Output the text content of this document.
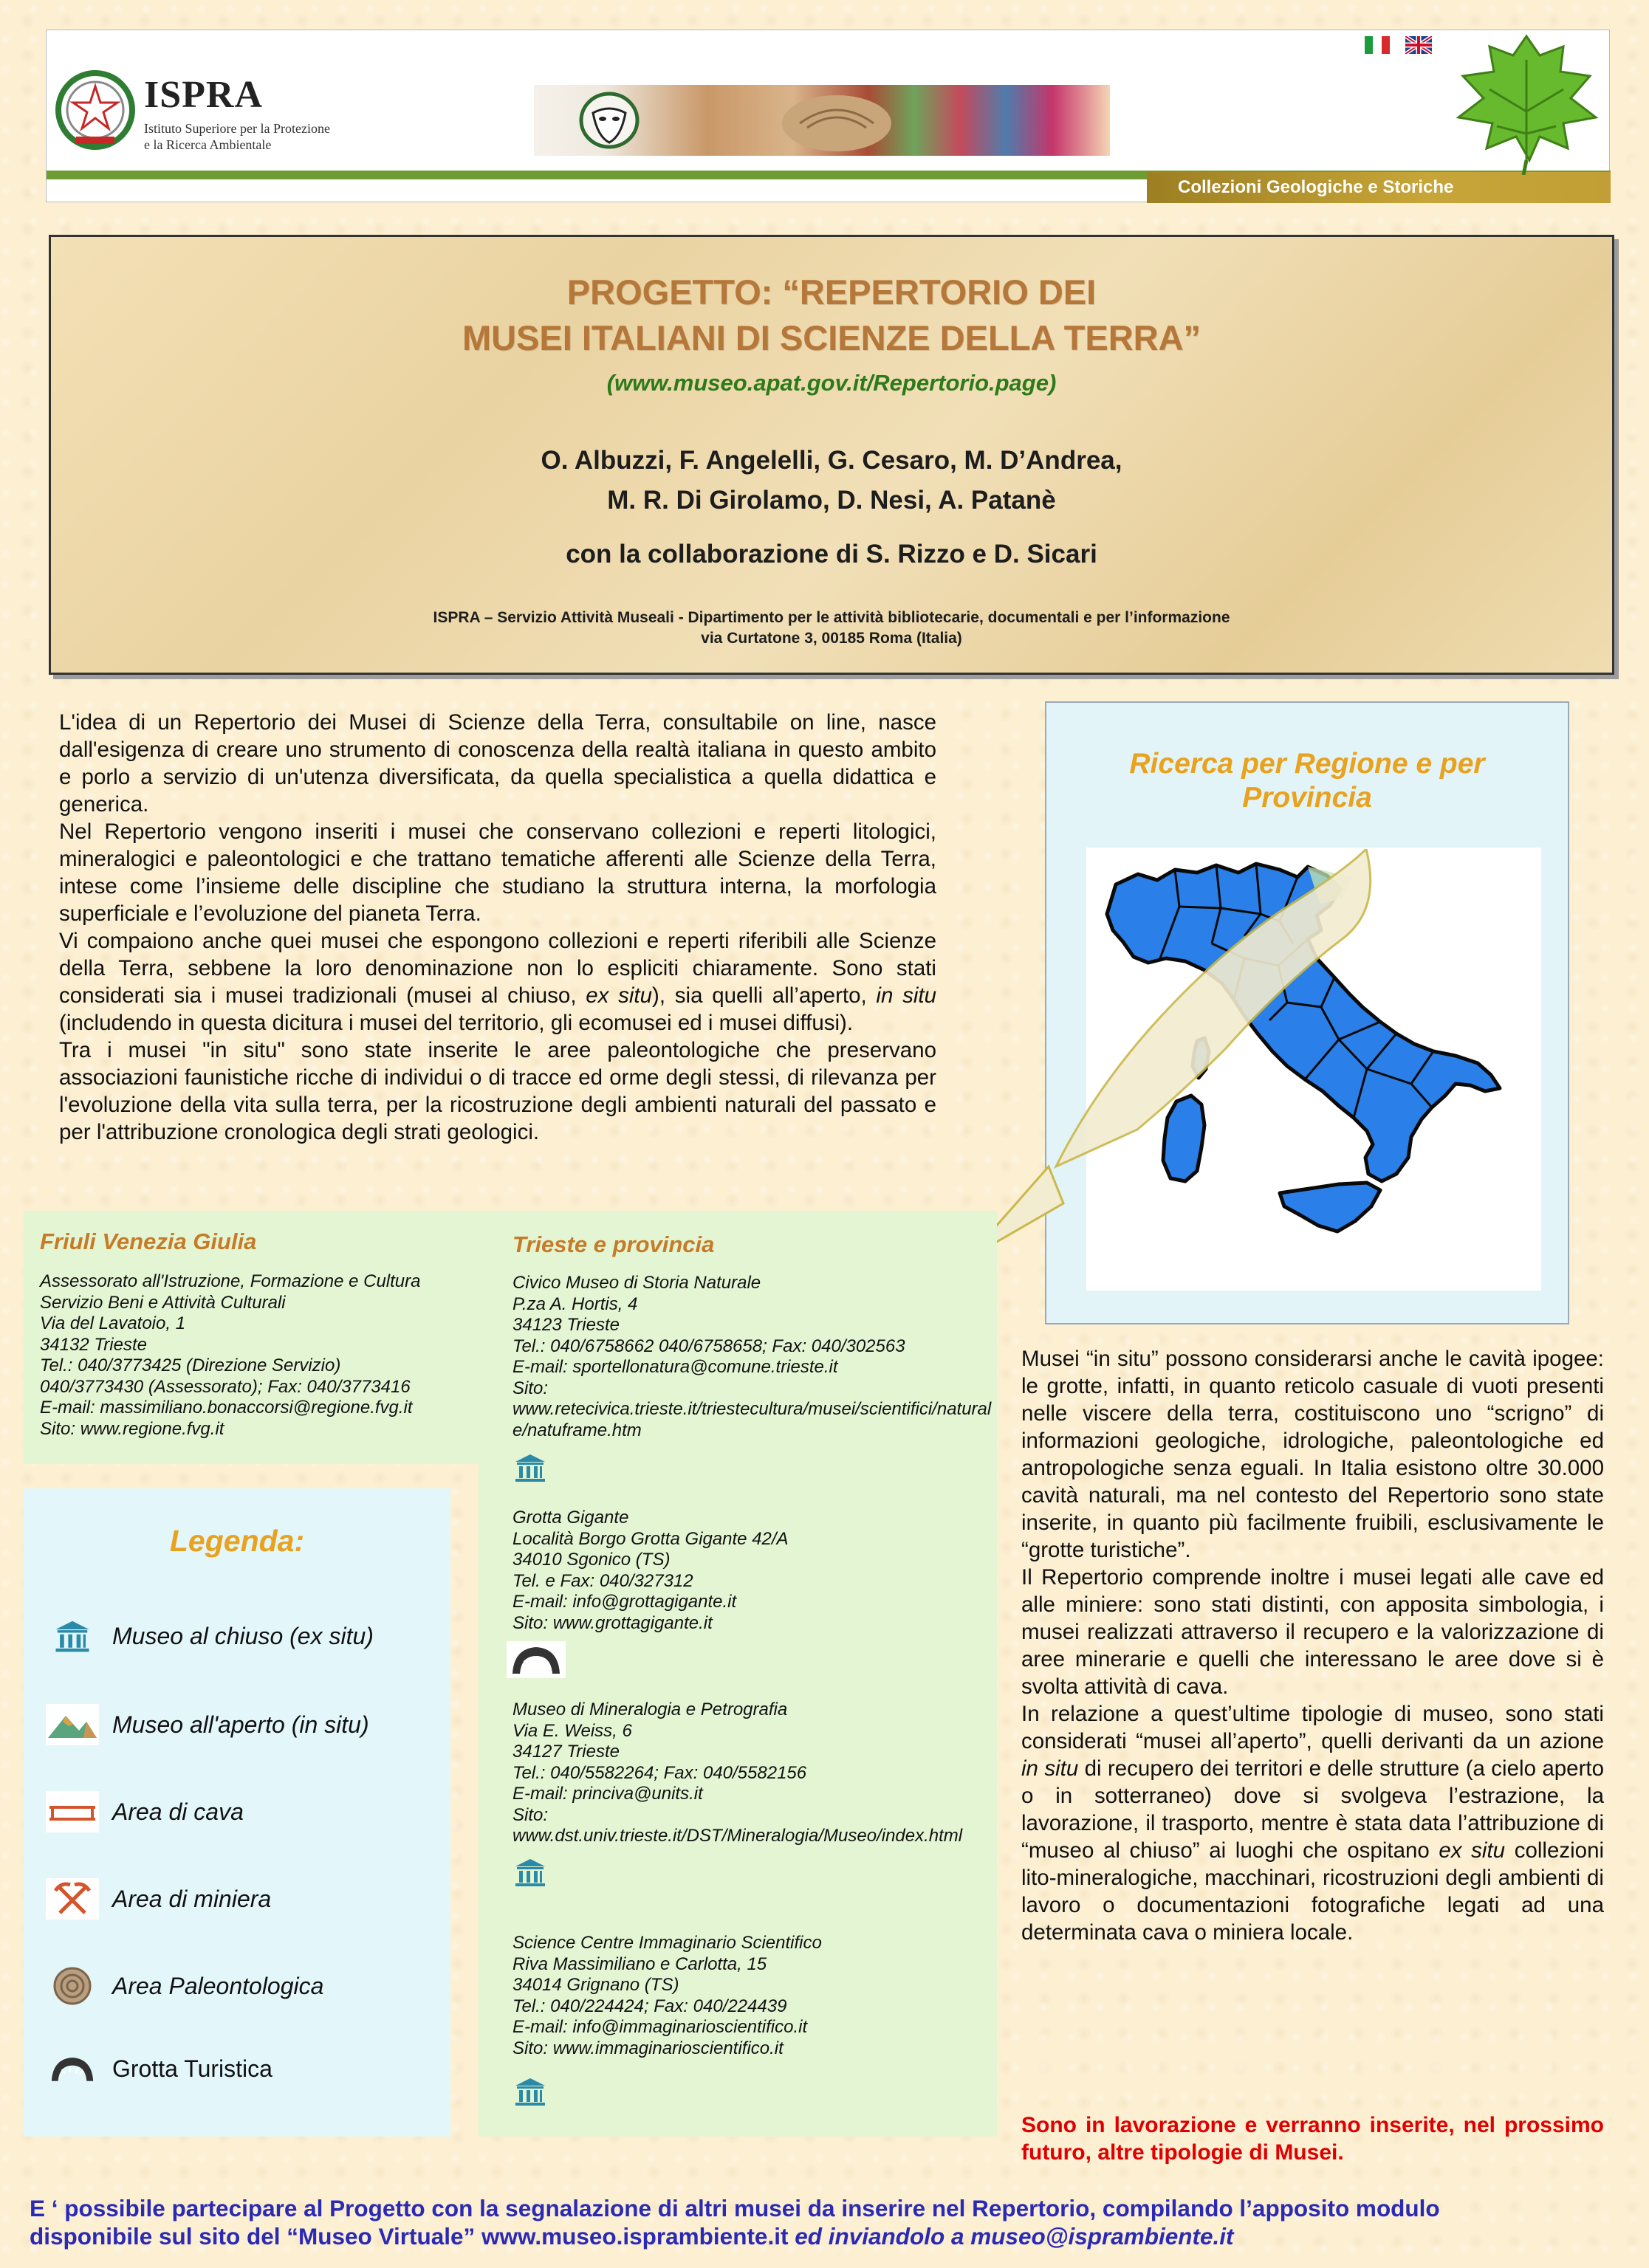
ISPRA
Istituto Superiore per la Protezione
e la Ricerca Ambientale
Collezioni Geologiche e Storiche
PROGETTO: “REPERTORIO DEI
MUSEI ITALIANI DI SCIENZE DELLA TERRA”
(www.museo.apat.gov.it/Repertorio.page)
O. Albuzzi, F. Angelelli, G. Cesaro, M. D’Andrea,
M. R. Di Girolamo, D. Nesi, A. Patanè
con la collaborazione di S. Rizzo e D. Sicari
ISPRA – Servizio Attività Museali - Dipartimento per le attività bibliotecarie, documentali e per l’informazione
via Curtatone 3, 00185 Roma (Italia)

L'idea di un Repertorio dei Musei di Scienze della Terra, consultabile on line, nasce dall'esigenza di creare uno strumento di conoscenza della realtà italiana in questo ambito e porlo a servizio di un'utenza diversificata, da quella specialistica a quella didattica e generica.

Nel Repertorio vengono inseriti i musei che conservano collezioni e reperti litologici, mineralogici e paleontologici e che trattano tematiche afferenti alle Scienze della Terra, intese come l’insieme delle discipline che studiano la struttura interna, la morfologia superficiale e l’evoluzione del pianeta Terra.

Vi compaiono anche quei musei che espongono collezioni e reperti riferibili alle Scienze della Terra, sebbene la loro denominazione non lo espliciti chiaramente. Sono stati considerati sia i musei tradizionali (musei al chiuso, ex situ), sia quelli all’aperto, in situ (includendo in questa dicitura i musei del territorio, gli ecomusei ed i musei diffusi).

Tra i musei "in situ" sono state inserite le aree paleontologiche che preservano associazioni faunistiche ricche di individui o di tracce ed orme degli stessi, di rilevanza per l'evoluzione della vita sulla terra, per la ricostruzione degli ambienti naturali del passato e per l'attribuzione cronologica degli strati geologici.

Ricerca per Regione e per
Provincia
Friuli Venezia Giulia
Assessorato all'Istruzione, Formazione e Cultura
Servizio Beni e Attività Culturali
Via del Lavatoio, 1
34132 Trieste
Tel.: 040/3773425 (Direzione Servizio)
040/3773430 (Assessorato); Fax: 040/3773416
E-mail: massimiliano.bonaccorsi@regione.fvg.it
Sito: www.regione.fvg.it
Trieste e provincia
Civico Museo di Storia Naturale
P.za A. Hortis, 4
34123 Trieste
Tel.: 040/6758662 040/6758658; Fax: 040/302563
E-mail: sportellonatura@comune.trieste.it
Sito:
www.retecivica.trieste.it/triestecultura/musei/scientifici/naturale/natuframe.htm
Grotta Gigante
Località Borgo Grotta Gigante 42/A
34010 Sgonico (TS)
Tel. e Fax: 040/327312
E-mail: info@grottagigante.it
Sito: www.grottagigante.it
Museo di Mineralogia e Petrografia
Via E. Weiss, 6
34127 Trieste
Tel.: 040/5582264; Fax: 040/5582156
E-mail: princiva@units.it
Sito:
www.dst.univ.trieste.it/DST/Mineralogia/Museo/index.html
Science Centre Immaginario Scientifico
Riva Massimiliano e Carlotta, 15
34014 Grignano (TS)
Tel.: 040/224424; Fax: 040/224439
E-mail: info@immaginarioscientifico.it
Sito: www.immaginarioscientifico.it
Legenda:
Museo al chiuso (ex situ)
Museo all'aperto (in situ)
Area di cava
Area di miniera
Area Paleontologica
Grotta Turistica

Musei “in situ” possono considerarsi anche le cavità ipogee: le grotte, infatti, in quanto reticolo casuale di vuoti presenti nelle viscere della terra, costituiscono uno “scrigno” di informazioni geologiche, idrologiche, paleontologiche ed antropologiche senza eguali. In Italia esistono oltre 30.000 cavità naturali, ma nel contesto del Repertorio sono state inserite, in quanto più facilmente fruibili, esclusivamente le “grotte turistiche”.

Il Repertorio comprende inoltre i musei legati alle cave ed alle miniere: sono stati distinti, con apposita simbologia, i musei realizzati attraverso il recupero e la valorizzazione di aree minerarie e quelli che interessano le aree dove si è svolta attività di cava.

In relazione a quest’ultime tipologie di museo, sono stati considerati “musei all’aperto”, quelli derivanti da un azione in situ di recupero dei territori e delle strutture (a cielo aperto o in sotterraneo) dove si svolgeva l’estrazione, la lavorazione, il trasporto, mentre è stata data l’attribuzione di “museo al chiuso” ai luoghi che ospitano ex situ collezioni lito-mineralogiche, macchinari, ricostruzioni degli ambienti di lavoro o documentazioni fotografiche legati ad una determinata cava o miniera locale.

Sono in lavorazione e verranno inserite, nel prossimo futuro, altre tipologie di Musei.
E ‘ possibile partecipare al Progetto con la segnalazione di altri musei da inserire nel Repertorio, compilando l’apposito modulo
disponibile sul sito del “Museo Virtuale” www.museo.isprambiente.it ed inviandolo a museo@isprambiente.it
